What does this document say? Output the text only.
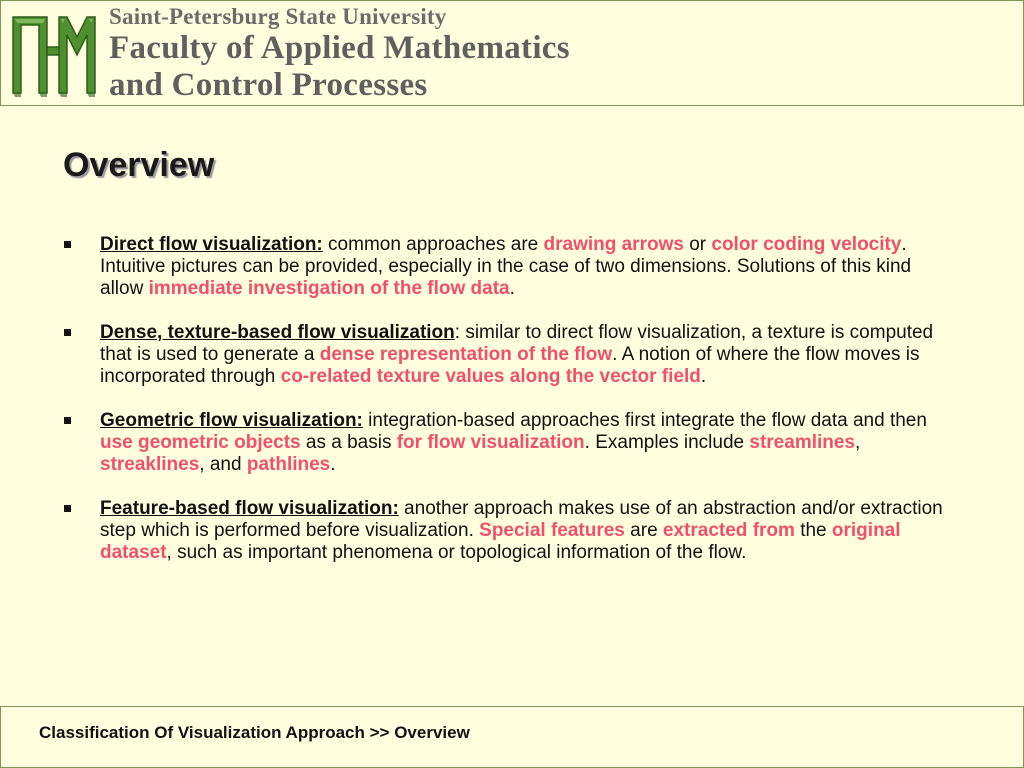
Saint-Petersburg State University
Faculty of Applied Mathematics
and Control Processes
Overview
Direct flow visualization: common approaches are drawing arrows or color coding velocity. Intuitive pictures can be provided, especially in the case of two dimensions. Solutions of this kind allow immediate investigation of the flow data.
Dense, texture-based flow visualization: similar to direct flow visualization, a texture is computed that is used to generate a dense representation of the flow. A notion of where the flow moves is incorporated through co-related texture values along the vector field.
Geometric flow visualization: integration-based approaches first integrate the flow data and then use geometric objects as a basis for flow visualization. Examples include streamlines, streaklines, and pathlines.
Feature-based flow visualization: another approach makes use of an abstraction and/or extraction step which is performed before visualization. Special features are extracted from the original dataset, such as important phenomena or topological information of the flow.
Classification Of Visualization Approach >> Overview
